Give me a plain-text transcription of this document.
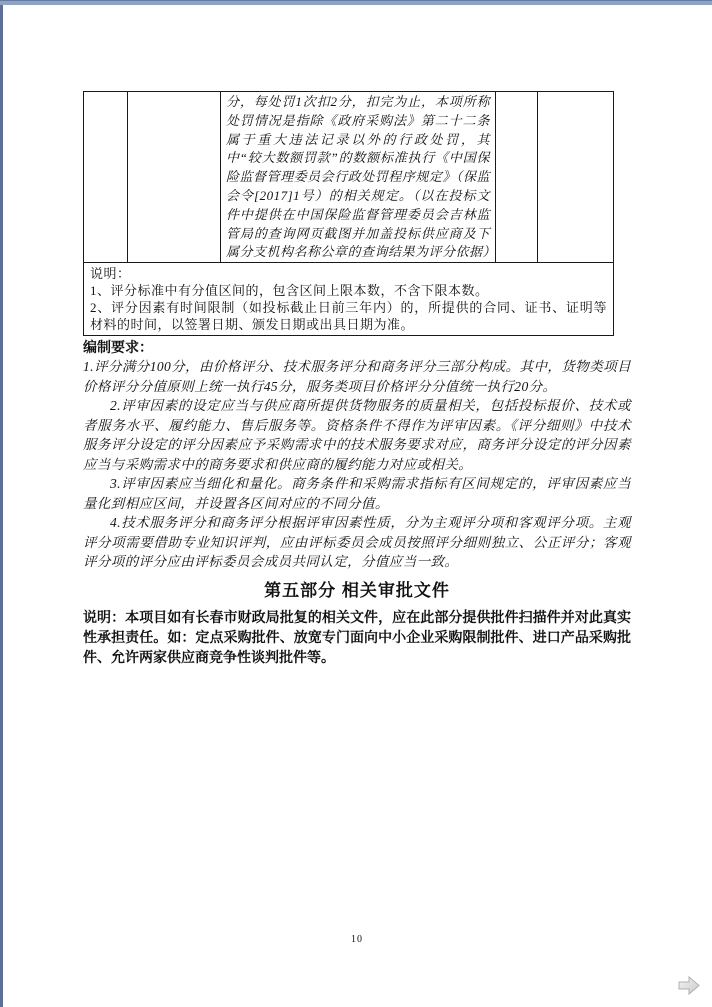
		分，每处罚1次扣2分，扣完为止，本项所称处罚情况是指除《政府采购法》第二十二条属于重大违法记录以外的行政处罚，其中“较大数额罚款”的数额标准执行《中国保险监督管理委员会行政处罚程序规定》（保监会令[2017]1号）的相关规定。（以在投标文件中提供在中国保险监督管理委员会吉林监管局的查询网页截图并加盖投标供应商及下属分支机构名称公章的查询结果为评分依据）		

说明：
1、评分标准中有分值区间的，包含区间上限本数，不含下限本数。
2、评分因素有时间限制（如投标截止日前三年内）的，所提供的合同、证书、证明等材料的时间，以签署日期、颁发日期或出具日期为准。
编制要求：

1.评分满分100分，由价格评分、技术服务评分和商务评分三部分构成。其中，货物类项目价格评分分值原则上统一执行45分，服务类项目价格评分分值统一执行20分。

2.评审因素的设定应当与供应商所提供货物服务的质量相关，包括投标报价、技术或者服务水平、履约能力、售后服务等。资格条件不得作为评审因素。《评分细则》中技术服务评分设定的评分因素应予采购需求中的技术服务要求对应，商务评分设定的评分因素应当与采购需求中的商务要求和供应商的履约能力对应或相关。

3.评审因素应当细化和量化。商务条件和采购需求指标有区间规定的，评审因素应当量化到相应区间，并设置各区间对应的不同分值。

4.技术服务评分和商务评分根据评审因素性质，分为主观评分项和客观评分项。主观评分项需要借助专业知识评判，应由评标委员会成员按照评分细则独立、公正评分；客观评分项的评分应由评标委员会成员共同认定，分值应当一致。

第五部分 相关审批文件

说明：本项目如有长春市财政局批复的相关文件，应在此部分提供批件扫描件并对此真实性承担责任。如：定点采购批件、放宽专门面向中小企业采购限制批件、进口产品采购批件、允许两家供应商竞争性谈判批件等。

10
